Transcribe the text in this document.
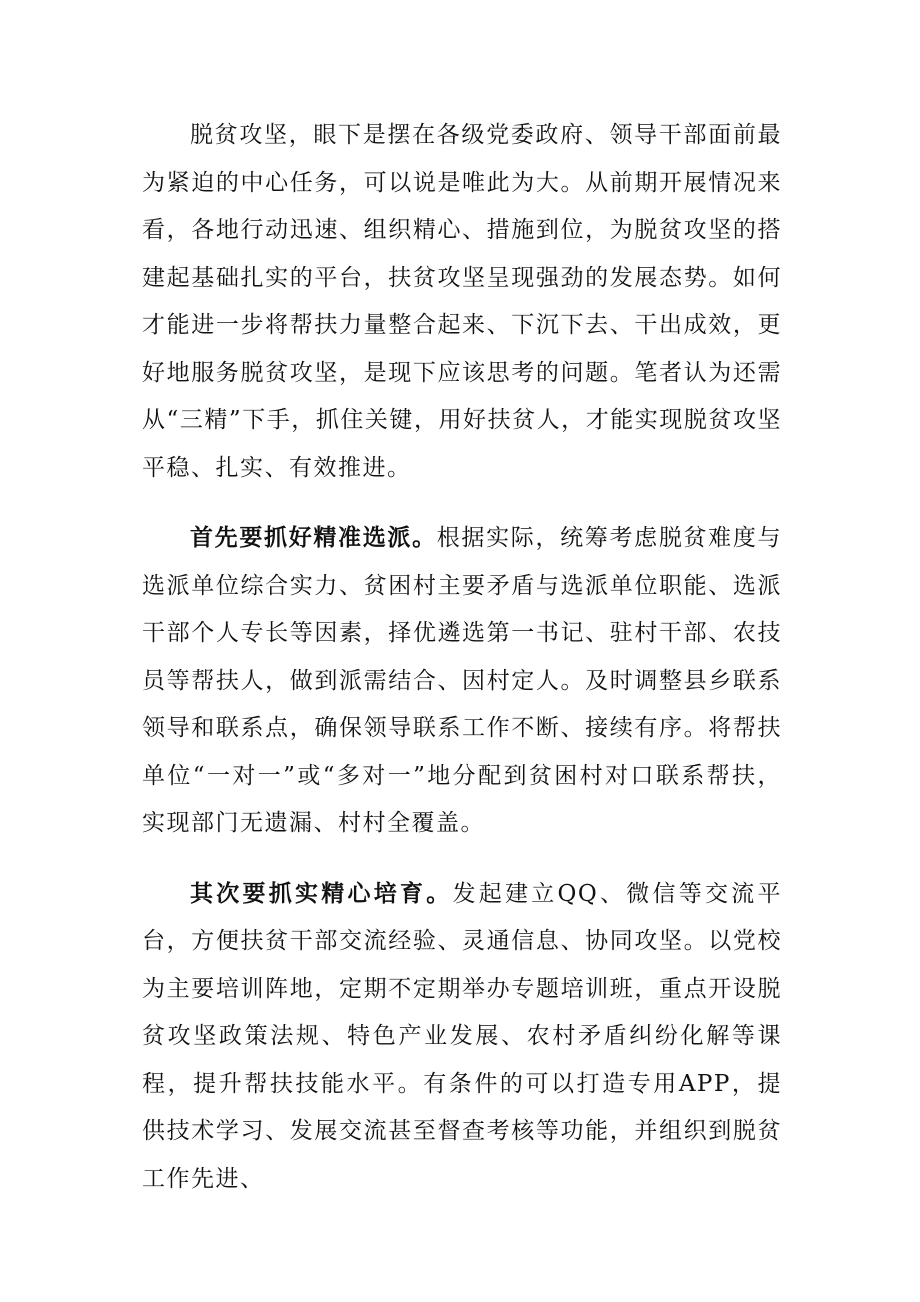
脱贫攻坚，眼下是摆在各级党委政府、领导干部面前最为紧迫的中心任务，可以说是唯此为大。从前期开展情况来看，各地行动迅速、组织精心、措施到位，为脱贫攻坚的搭建起基础扎实的平台，扶贫攻坚呈现强劲的发展态势。如何才能进一步将帮扶力量整合起来、下沉下去、干出成效，更好地服务脱贫攻坚，是现下应该思考的问题。笔者认为还需从“三精”下手，抓住关键，用好扶贫人，才能实现脱贫攻坚平稳、扎实、有效推进。

首先要抓好精准选派。根据实际，统筹考虑脱贫难度与选派单位综合实力、贫困村主要矛盾与选派单位职能、选派干部个人专长等因素，择优遴选第一书记、驻村干部、农技员等帮扶人，做到派需结合、因村定人。及时调整县乡联系领导和联系点，确保领导联系工作不断、接续有序。将帮扶单位“一对一”或“多对一”地分配到贫困村对口联系帮扶，实现部门无遗漏、村村全覆盖。

其次要抓实精心培育。发起建立QQ、微信等交流平台，方便扶贫干部交流经验、灵通信息、协同攻坚。以党校为主要培训阵地，定期不定期举办专题培训班，重点开设脱贫攻坚政策法规、特色产业发展、农村矛盾纠纷化解等课程，提升帮扶技能水平。有条件的可以打造专用APP，提供技术学习、发展交流甚至督查考核等功能，并组织到脱贫工作先进、
